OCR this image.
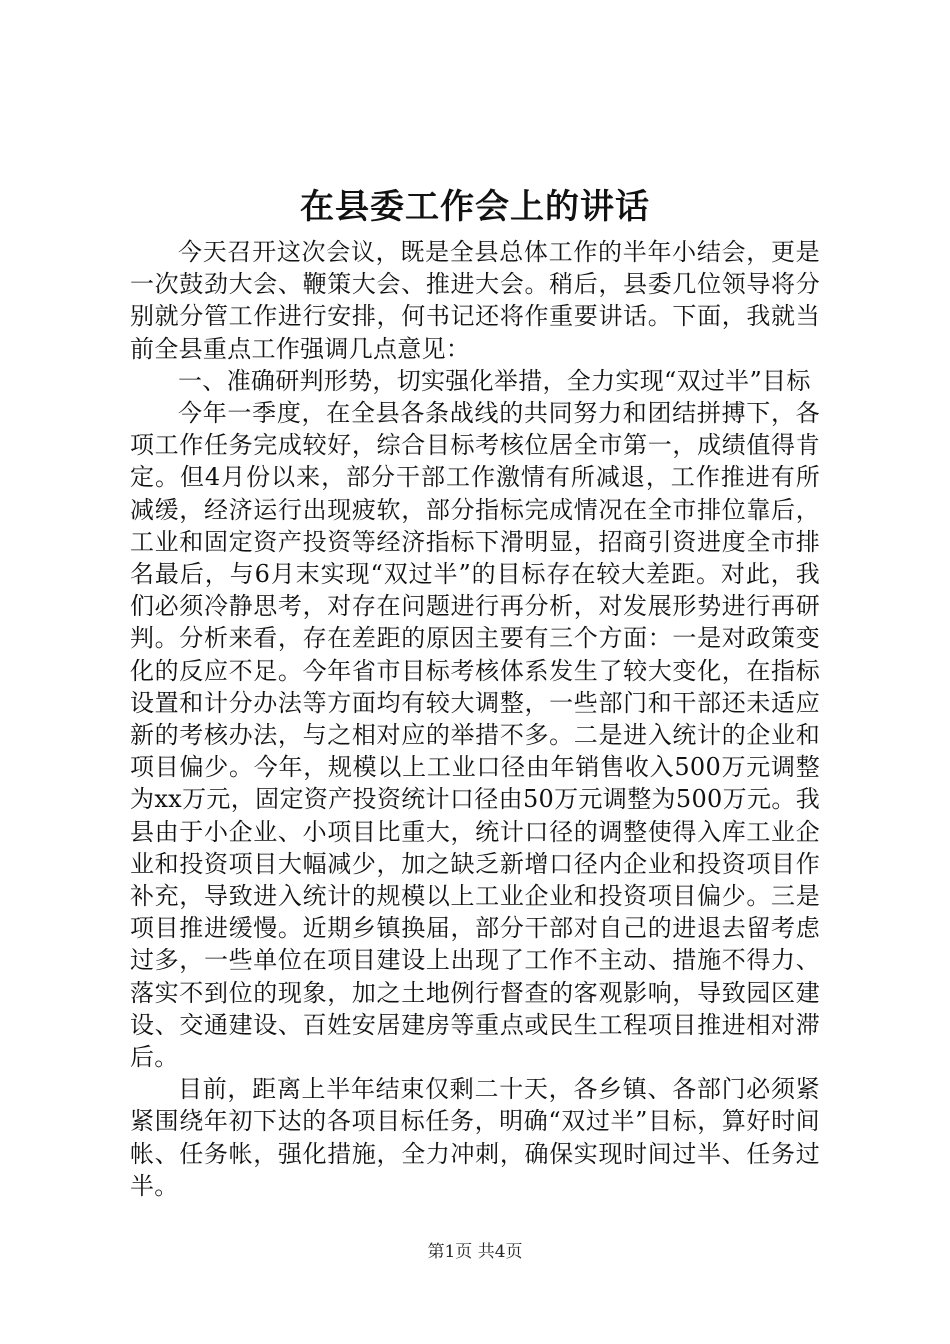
在县委工作会上的讲话

今天召开这次会议，既是全县总体工作的半年小结会，更是一次鼓劲大会、鞭策大会、推进大会。稍后，县委几位领导将分别就分管工作进行安排，何书记还将作重要讲话。下面，我就当前全县重点工作强调几点意见：

一、准确研判形势，切实强化举措，全力实现“双过半”目标

今年一季度，在全县各条战线的共同努力和团结拼搏下，各项工作任务完成较好，综合目标考核位居全市第一，成绩值得肯定。但4月份以来，部分干部工作激情有所减退，工作推进有所减缓，经济运行出现疲软，部分指标完成情况在全市排位靠后，工业和固定资产投资等经济指标下滑明显，招商引资进度全市排名最后，与6月末实现“双过半”的目标存在较大差距。对此，我们必须冷静思考，对存在问题进行再分析，对发展形势进行再研判。分析来看，存在差距的原因主要有三个方面：一是对政策变化的反应不足。今年省市目标考核体系发生了较大变化，在指标设置和计分办法等方面均有较大调整，一些部门和干部还未适应新的考核办法，与之相对应的举措不多。二是进入统计的企业和项目偏少。今年，规模以上工业口径由年销售收入500万元调整为xx万元，固定资产投资统计口径由50万元调整为500万元。我县由于小企业、小项目比重大，统计口径的调整使得入库工业企业和投资项目大幅减少，加之缺乏新增口径内企业和投资项目作补充，导致进入统计的规模以上工业企业和投资项目偏少。三是项目推进缓慢。近期乡镇换届，部分干部对自己的进退去留考虑过多，一些单位在项目建设上出现了工作不主动、措施不得力、落实不到位的现象，加之土地例行督查的客观影响，导致园区建设、交通建设、百姓安居建房等重点或民生工程项目推进相对滞后。

目前，距离上半年结束仅剩二十天，各乡镇、各部门必须紧紧围绕年初下达的各项目标任务，明确“双过半”目标，算好时间帐、任务帐，强化措施，全力冲刺，确保实现时间过半、任务过半。

第1页 共4页
